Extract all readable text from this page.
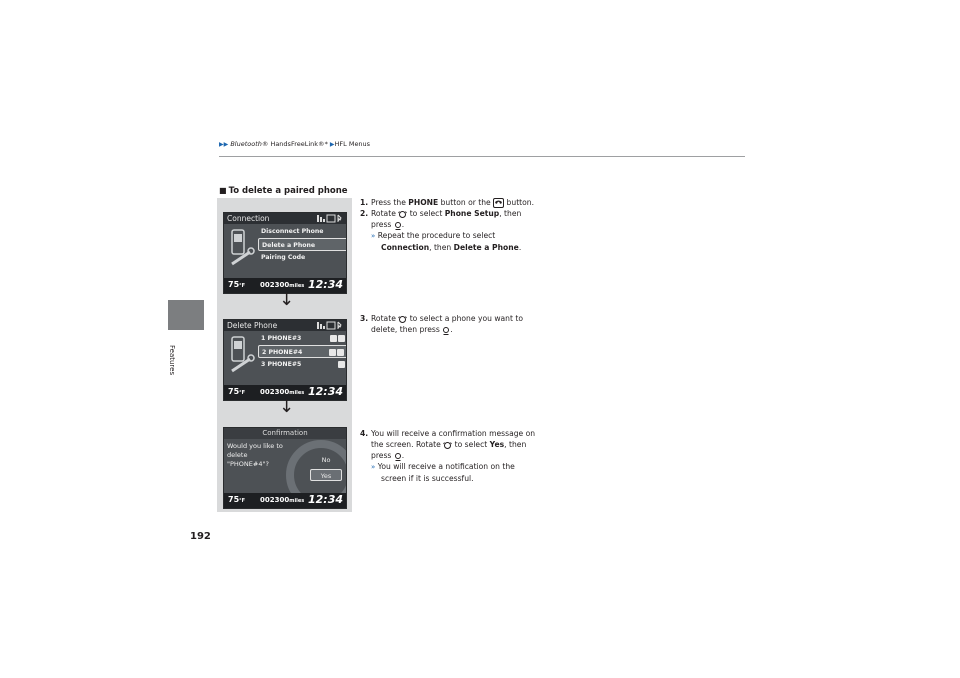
▶▶ Bluetooth® HandsFreeLink®* ▶HFL Menus
Features
192
■ To delete a paired phone
Connection
Disconnect Phone
Delete a Phone
Pairing Code
75°F 002300miles 12:34
↓
Delete Phone
1 PHONE#3
2 PHONE#4
3 PHONE#5
75°F 002300miles 12:34
↓
Confirmation
Would you like to delete "PHONE#4"?	No
Yes
75°F 002300miles 12:34
1. Press the PHONE button or the  button.
2. Rotate  to select Phone Setup, then
press .
» Repeat the procedure to select
Connection, then Delete a Phone.
3. Rotate  to select a phone you want to
delete, then press .
4. You will receive a confirmation message on
the screen. Rotate  to select Yes, then
press .
» You will receive a notification on the
screen if it is successful.
